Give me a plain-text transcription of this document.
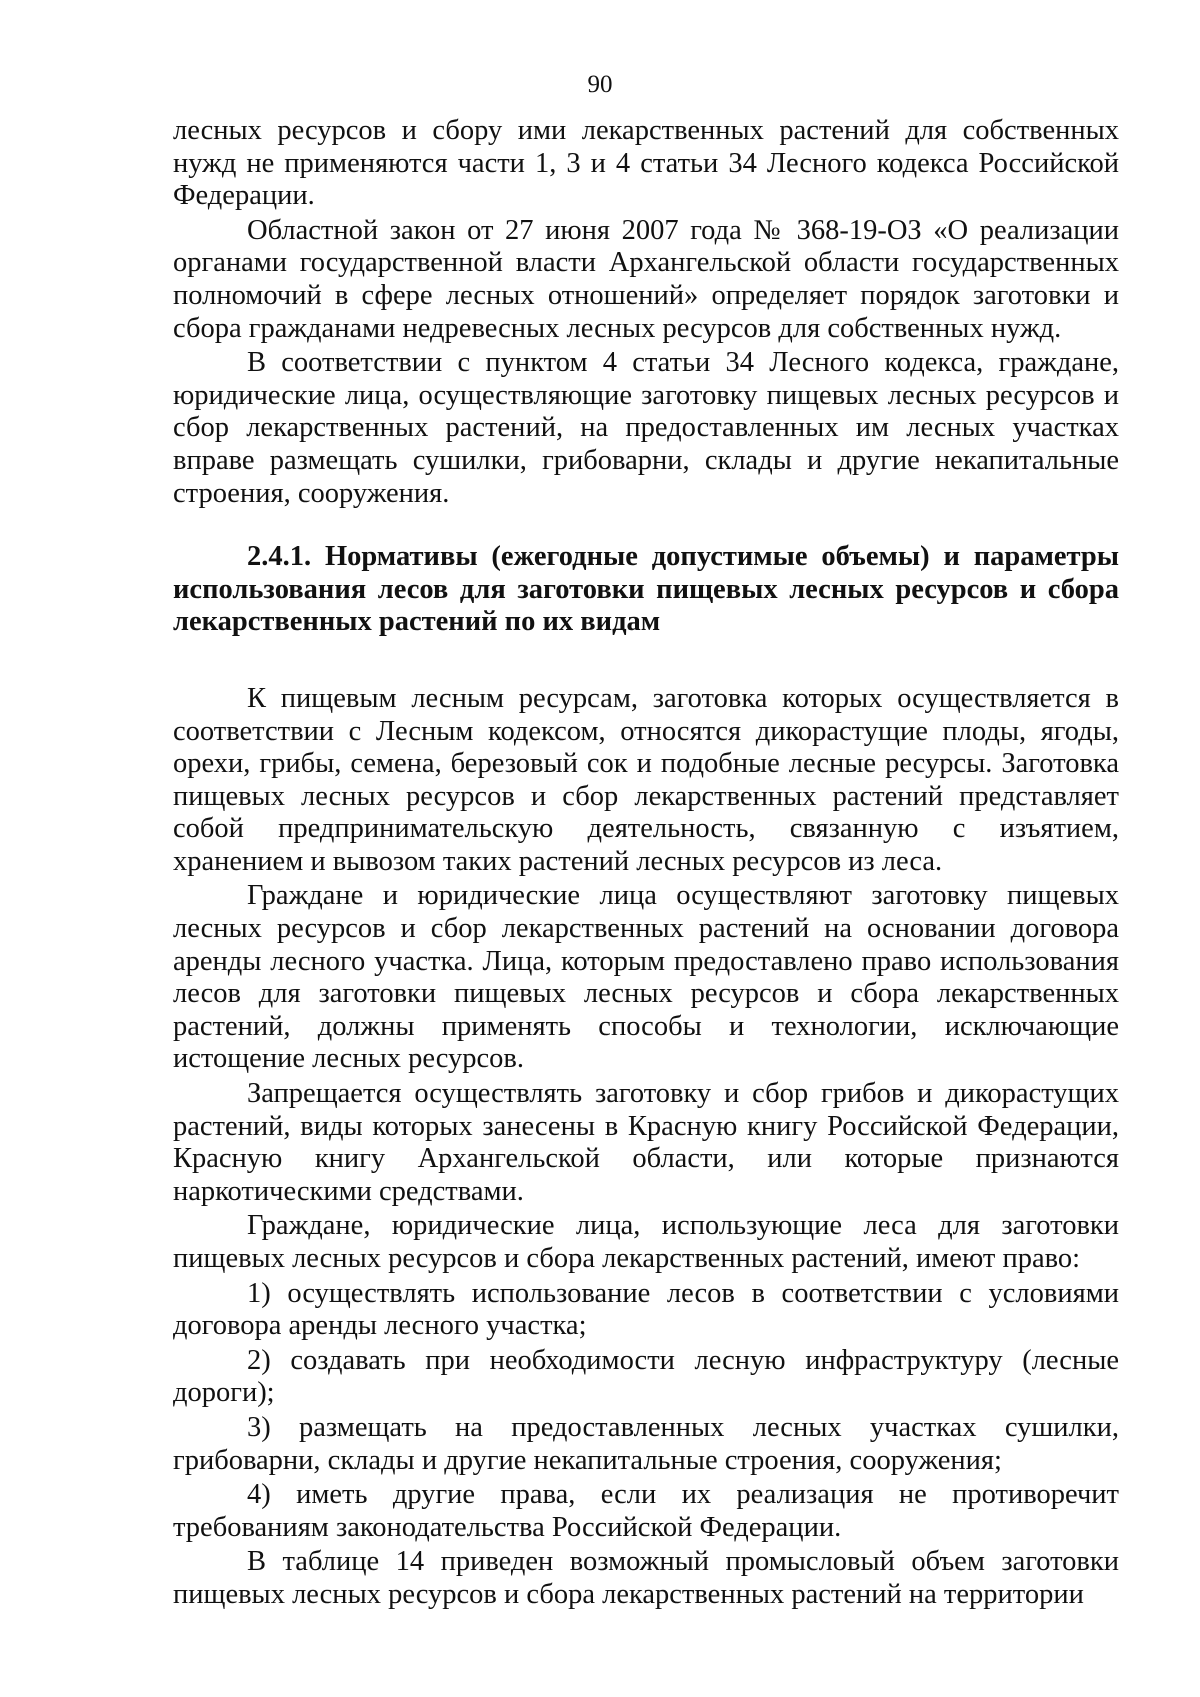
90

лесных ресурсов и сбору ими лекарственных растений для собственных нужд не применяются части 1, 3 и 4 статьи 34 Лесного кодекса Российской Федерации.

Областной закон от 27 июня 2007 года № 368-19-ОЗ «О реализации органами государственной власти Архангельской области государственных полномочий в сфере лесных отношений» определяет порядок заготовки и сбора гражданами недревесных лесных ресурсов для собственных нужд.

В соответствии с пунктом 4 статьи 34 Лесного кодекса, граждане, юридические лица, осуществляющие заготовку пищевых лесных ресурсов и сбор лекарственных растений, на предоставленных им лесных участках вправе размещать сушилки, грибоварни, склады и другие некапитальные строения, сооружения.

2.4.1. Нормативы (ежегодные допустимые объемы) и параметры использования лесов для заготовки пищевых лесных ресурсов и сбора лекарственных растений по их видам

К пищевым лесным ресурсам, заготовка которых осуществляется в соответствии с Лесным кодексом, относятся дикорастущие плоды, ягоды, орехи, грибы, семена, березовый сок и подобные лесные ресурсы. Заготовка пищевых лесных ресурсов и сбор лекарственных растений представляет собой предпринимательскую деятельность, связанную с изъятием, хранением и вывозом таких растений лесных ресурсов из леса.

Граждане и юридические лица осуществляют заготовку пищевых лесных ресурсов и сбор лекарственных растений на основании договора аренды лесного участка. Лица, которым предоставлено право использования лесов для заготовки пищевых лесных ресурсов и сбора лекарственных растений, должны применять способы и технологии, исключающие истощение лесных ресурсов.

Запрещается осуществлять заготовку и сбор грибов и дикорастущих растений, виды которых занесены в Красную книгу Российской Федерации, Красную книгу Архангельской области, или которые признаются наркотическими средствами.

Граждане, юридические лица, использующие леса для заготовки пищевых лесных ресурсов и сбора лекарственных растений, имеют право:

1) осуществлять использование лесов в соответствии с условиями договора аренды лесного участка;

2) создавать при необходимости лесную инфраструктуру (лесные дороги);

3) размещать на предоставленных лесных участках сушилки, грибоварни, склады и другие некапитальные строения, сооружения;

4) иметь другие права, если их реализация не противоречит требованиям законодательства Российской Федерации.

В таблице 14 приведен возможный промысловый объем заготовки пищевых лесных ресурсов и сбора лекарственных растений на территории
